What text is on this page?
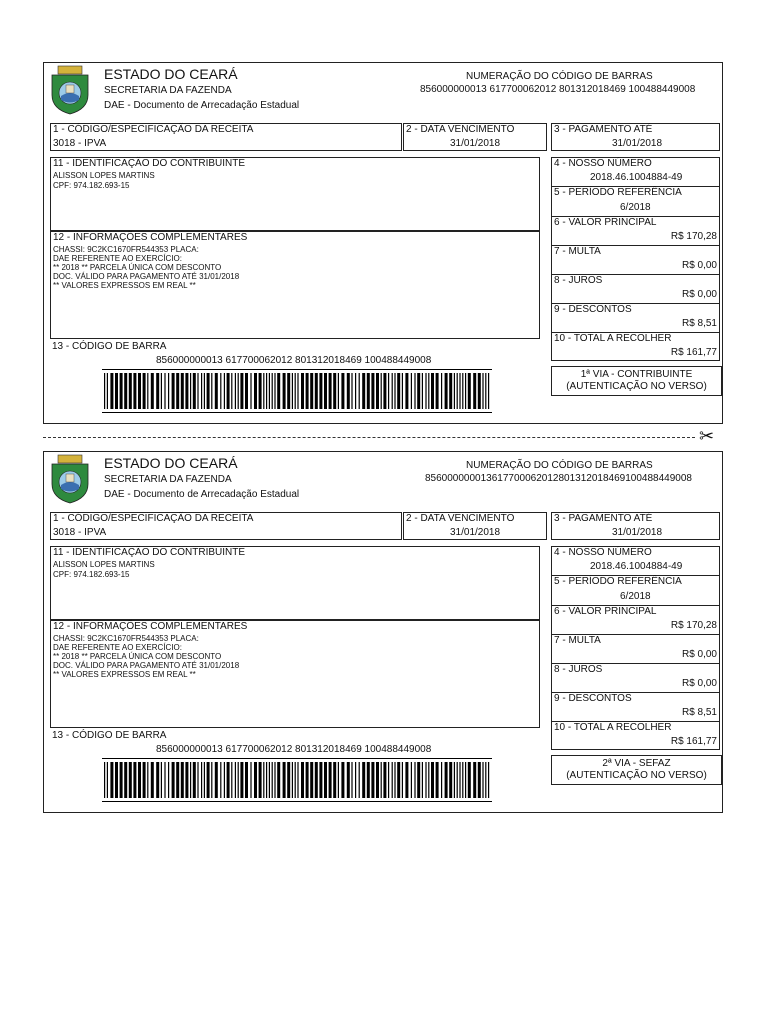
ESTADO DO CEARÁ
SECRETARIA DA FAZENDA
DAE - Documento de Arrecadação Estadual
NUMERAÇÃO DO CÓDIGO DE BARRAS
856000000013 617700062012 801312018469 100488449008
1 - CÓDIGO/ESPECIFICAÇÃO DA RECEITA
3018 - IPVA
2 - DATA VENCIMENTO
31/01/2018
3 - PAGAMENTO ATÉ
31/01/2018
11 - IDENTIFICAÇÃO DO CONTRIBUINTE
ALISSON LOPES MARTINS
CPF: 974.182.693-15
12 - INFORMAÇÕES COMPLEMENTARES
CHASSI: 9C2KC1670FR544353 PLACA:
DAE REFERENTE AO EXERCÍCIO:
** 2018 ** PARCELA ÚNICA COM DESCONTO
DOC. VÁLIDO PARA PAGAMENTO ATÉ 31/01/2018
** VALORES EXPRESSOS EM REAL **
4 - NOSSO NÚMERO
2018.46.1004884-49
5 - PERÍODO REFERÊNCIA
6/2018
6 - VALOR PRINCIPAL
R$ 170,28
7 - MULTA
R$ 0,00
8 - JUROS
R$ 0,00
9 - DESCONTOS
R$ 8,51
10 - TOTAL A RECOLHER
R$ 161,77
13 - CÓDIGO DE BARRA
856000000013 617700062012 801312018469 100488449008
1ª VIA - CONTRIBUINTE
(AUTENTICAÇÃO NO VERSO)
✂
ESTADO DO CEARÁ
SECRETARIA DA FAZENDA
DAE - Documento de Arrecadação Estadual
NUMERAÇÃO DO CÓDIGO DE BARRAS
856000000013617700062012801312018469100488449008
1 - CÓDIGO/ESPECIFICAÇÃO DA RECEITA
3018 - IPVA
2 - DATA VENCIMENTO
31/01/2018
3 - PAGAMENTO ATÉ
31/01/2018
11 - IDENTIFICAÇÃO DO CONTRIBUINTE
ALISSON LOPES MARTINS
CPF: 974.182.693-15
12 - INFORMAÇÕES COMPLEMENTARES
CHASSI: 9C2KC1670FR544353 PLACA:
DAE REFERENTE AO EXERCÍCIO:
** 2018 ** PARCELA ÚNICA COM DESCONTO
DOC. VÁLIDO PARA PAGAMENTO ATÉ 31/01/2018
** VALORES EXPRESSOS EM REAL **
4 - NOSSO NÚMERO
2018.46.1004884-49
5 - PERÍODO REFERÊNCIA
6/2018
6 - VALOR PRINCIPAL
R$ 170,28
7 - MULTA
R$ 0,00
8 - JUROS
R$ 0,00
9 - DESCONTOS
R$ 8,51
10 - TOTAL A RECOLHER
R$ 161,77
13 - CÓDIGO DE BARRA
856000000013 617700062012 801312018469 100488449008
2ª VIA - SEFAZ
(AUTENTICAÇÃO NO VERSO)
